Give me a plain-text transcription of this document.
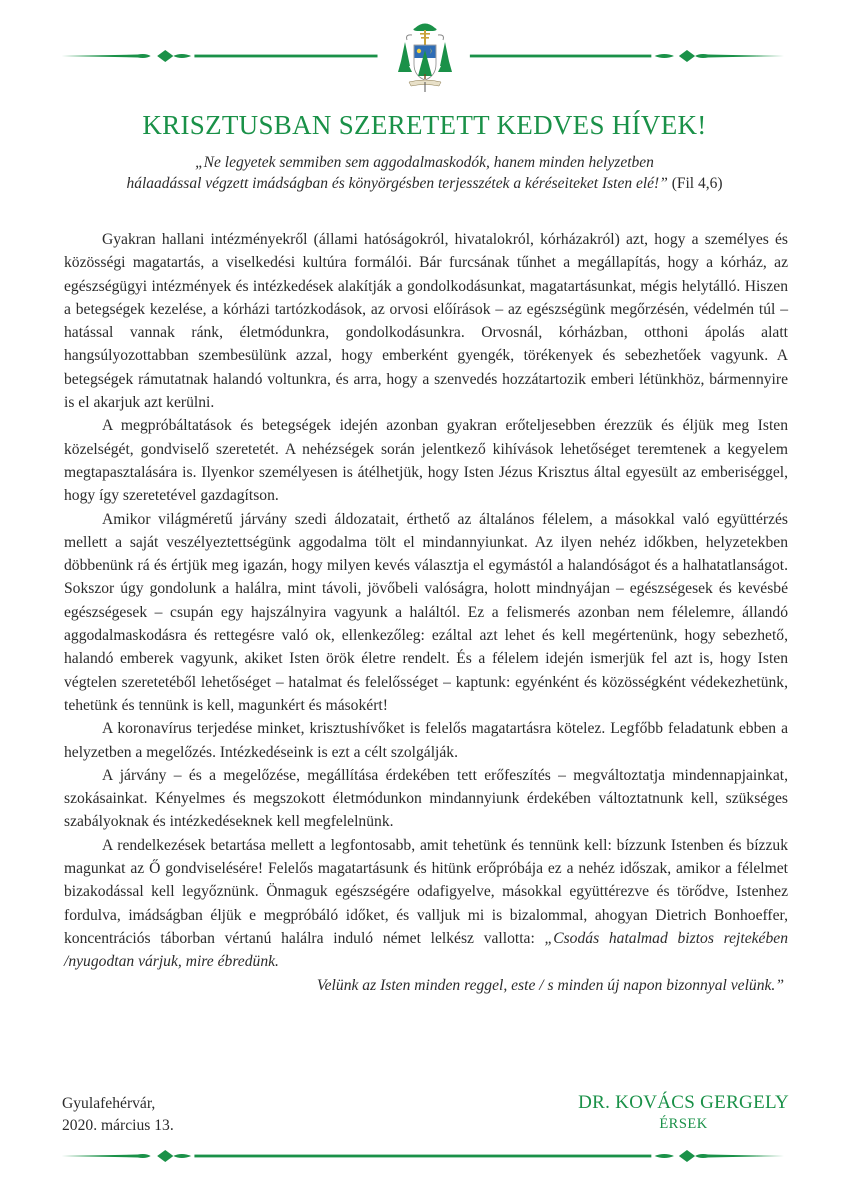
KRISZTUSBAN SZERETETT KEDVES HÍVEK!
„Ne legyetek semmiben sem aggodalmaskodók, hanem minden helyzetben
hálaadással végzett imádságban és könyörgésben terjesszétek a kéréseiteket Isten elé!” (Fil 4,6)

Gyakran hallani intézményekről (állami hatóságokról, hivatalokról, kórházakról) azt, hogy a személyes és közösségi magatartás, a viselkedési kultúra formálói. Bár furcsának tűnhet a megállapítás, hogy a kórház, az egészségügyi intézmények és intézkedések alakítják a gondolkodásunkat, magatartásunkat, mégis helytálló. Hiszen a betegségek kezelése, a kórházi tartózkodások, az orvosi előírások – az egészségünk megőrzésén, védelmén túl – hatással vannak ránk, életmódunkra, gondolkodásunkra. Orvosnál, kórházban, otthoni ápolás alatt hangsúlyozottabban szembesülünk azzal, hogy emberként gyengék, törékenyek és sebezhetőek vagyunk. A betegségek rámutatnak halandó voltunkra, és arra, hogy a szenvedés hozzátartozik emberi létünkhöz, bármennyire is el akarjuk azt kerülni.

A megpróbáltatások és betegségek idején azonban gyakran erőteljesebben érezzük és éljük meg Isten közelségét, gondviselő szeretetét. A nehézségek során jelentkező kihívások lehetőséget teremtenek a kegyelem megtapasztalására is. Ilyenkor személyesen is átélhetjük, hogy Isten Jézus Krisztus által egyesült az emberiséggel, hogy így szeretetével gazdagítson.

Amikor világméretű járvány szedi áldozatait, érthető az általános félelem, a másokkal való együttérzés mellett a saját veszélyeztettségünk aggodalma tölt el mindannyiunkat. Az ilyen nehéz időkben, helyzetekben döbbenünk rá és értjük meg igazán, hogy milyen kevés választja el egymástól a halandóságot és a halhatatlanságot. Sokszor úgy gondolunk a halálra, mint távoli, jövőbeli valóságra, holott mindnyájan – egészségesek és kevésbé egészségesek – csupán egy hajszálnyira vagyunk a haláltól. Ez a felismerés azonban nem félelemre, állandó aggodalmaskodásra és rettegésre való ok, ellenkezőleg: ezáltal azt lehet és kell megértenünk, hogy sebezhető, halandó emberek vagyunk, akiket Isten örök életre rendelt. És a félelem idején ismerjük fel azt is, hogy Isten végtelen szeretetéből lehetőséget – hatalmat és felelősséget – kaptunk: egyénként és közösségként védekezhetünk, tehetünk és tennünk is kell, magunkért és másokért!

A koronavírus terjedése minket, krisztushívőket is felelős magatartásra kötelez. Legfőbb feladatunk ebben a helyzetben a megelőzés. Intézkedéseink is ezt a célt szolgálják.

A járvány – és a megelőzése, megállítása érdekében tett erőfeszítés – megváltoztatja mindennapjainkat, szokásainkat. Kényelmes és megszokott életmódunkon mindannyiunk érdekében változtatnunk kell, szükséges szabályoknak és intézkedéseknek kell megfelelnünk.

A rendelkezések betartása mellett a legfontosabb, amit tehetünk és tennünk kell: bízzunk Istenben és bízzuk magunkat az Ő gondviselésére! Felelős magatartásunk és hitünk erőpróbája ez a nehéz időszak, amikor a félelmet bizakodással kell legyőznünk. Önmaguk egészségére odafigyelve, másokkal együttérezve és törődve, Istenhez fordulva, imádságban éljük e megpróbáló időket, és valljuk mi is bizalommal, ahogyan Dietrich Bonhoeffer, koncentrációs táborban vértanú halálra induló német lelkész vallotta: „Csodás hatalmad biztos rejtekében /nyugodtan várjuk, mire ébredünk.
Velünk az Isten minden reggel, este / s minden új napon bizonnyal velünk.”

Gyulafehérvár,
2020. március 13.
DR. KOVÁCS GERGELY
ÉRSEK
